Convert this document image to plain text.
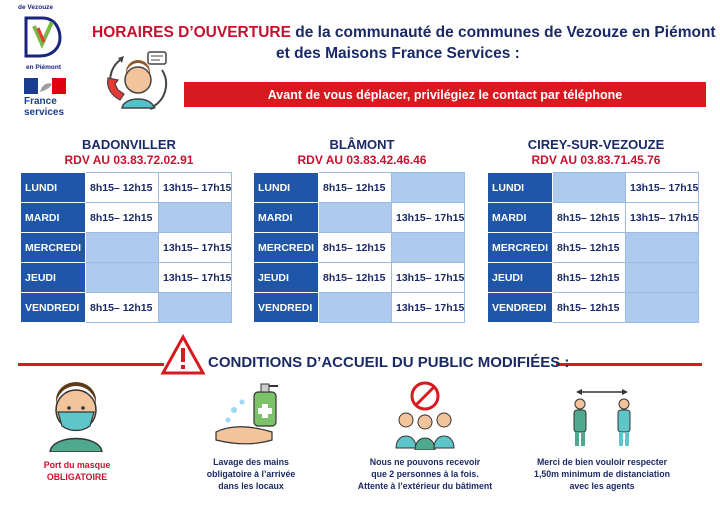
de Vezouze
en Piémont
France
services
HORAIRES D’OUVERTURE de la communauté de communes de Vezouze en Piémont
et des Maisons France Services :
Avant de vous déplacer, privilégiez le contact par téléphone
BADONVILLER
RDV AU 03.83.72.02.91
BLÂMONT
RDV AU 03.83.42.46.46
CIREY-SUR-VEZOUZE
RDV AU 03.83.71.45.76
LUNDI	8h15– 12h15	13h15– 17h15
MARDI	8h15– 12h15	
MERCREDI		13h15– 17h15
JEUDI		13h15– 17h15
VENDREDI	8h15– 12h15	
LUNDI	8h15– 12h15	
MARDI		13h15– 17h15
MERCREDI	8h15– 12h15	
JEUDI	8h15– 12h15	13h15– 17h15
VENDREDI		13h15– 17h15
LUNDI		13h15– 17h15
MARDI	8h15– 12h15	13h15– 17h15
MERCREDI	8h15– 12h15	
JEUDI	8h15– 12h15	
VENDREDI	8h15– 12h15	
CONDITIONS D’ACCUEIL DU PUBLIC MODIFIÉES :
Port du masque
OBLIGATOIRE
Lavage des mains
obligatoire à l’arrivée
dans les locaux
Nous ne pouvons recevoir
que 2 personnes à la fois.
Attente à l’extérieur du bâtiment
Merci de bien vouloir respecter
1,50m minimum de distanciation
avec les agents
